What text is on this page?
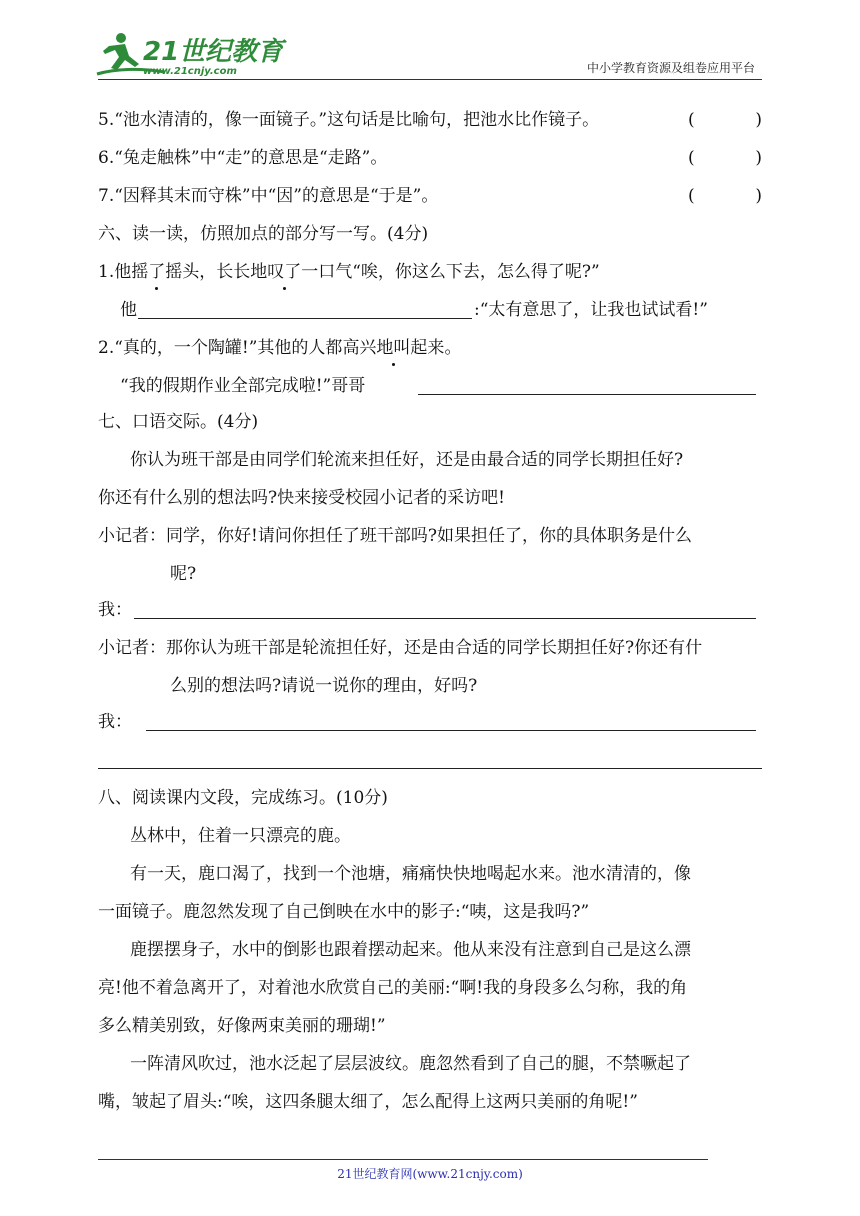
21世纪教育
www.21cnjy.com	中小学教育资源及组卷应用平台
5.“池水清清的，像一面镜子。”这句话是比喻句，把池水比作镜子。	(	)
6.“兔走触株”中“走”的意思是“走路”。	(	)
7.“因释其末而守株”中“因”的意思是“于是”。	(	)
六、读一读，仿照加点的部分写一写。(4分)
1.他摇了摇头，长长地叹了一口气“唉，你这么下去，怎么得了呢?”
他	:“太有意思了，让我也试试看!”
2.“真的，一个陶罐!”其他的人都高兴地叫起来。
“我的假期作业全部完成啦!”哥哥
七、口语交际。(4分)
你认为班干部是由同学们轮流来担任好，还是由最合适的同学长期担任好?
你还有什么别的想法吗?快来接受校园小记者的采访吧!
小记者：同学，你好!请问你担任了班干部吗?如果担任了，你的具体职务是什么
呢?
我：
小记者：那你认为班干部是轮流担任好，还是由合适的同学长期担任好?你还有什
么别的想法吗?请说一说你的理由，好吗?
我：
八、阅读课内文段，完成练习。(10分)
丛林中，住着一只漂亮的鹿。
有一天，鹿口渴了，找到一个池塘，痛痛快快地喝起水来。池水清清的，像
一面镜子。鹿忽然发现了自己倒映在水中的影子:“咦，这是我吗?”
鹿摆摆身子，水中的倒影也跟着摆动起来。他从来没有注意到自己是这么漂
亮!他不着急离开了，对着池水欣赏自己的美丽:“啊!我的身段多么匀称，我的角
多么精美别致，好像两束美丽的珊瑚!”
一阵清风吹过，池水泛起了层层波纹。鹿忽然看到了自己的腿，不禁噘起了
嘴，皱起了眉头:“唉，这四条腿太细了，怎么配得上这两只美丽的角呢!”
21世纪教育网(www.21cnjy.com)
